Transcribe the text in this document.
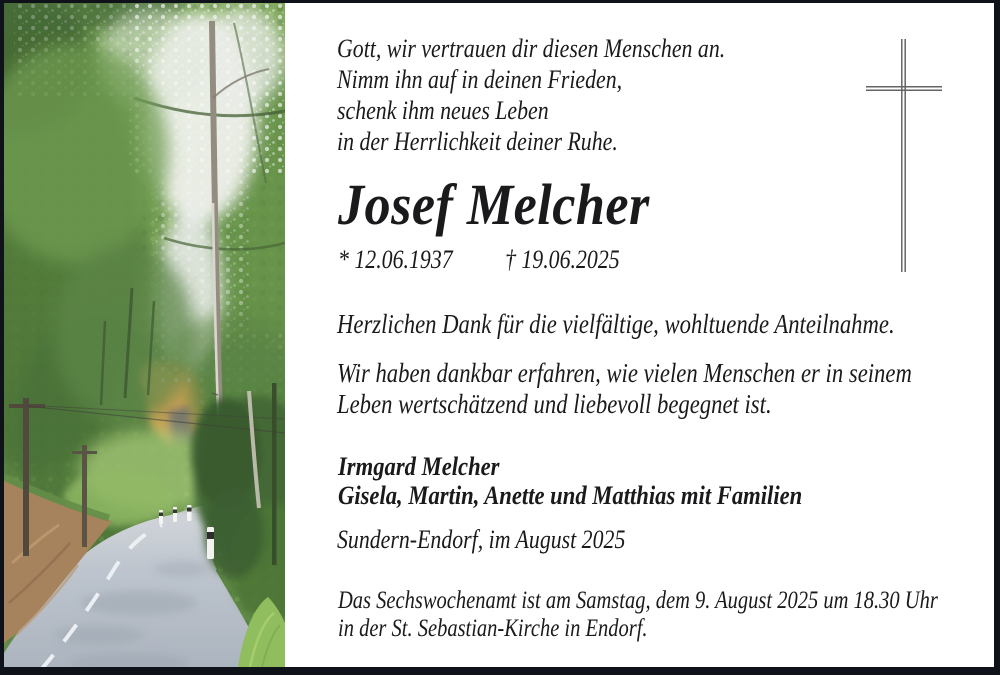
Gott, wir vertrauen dir diesen Menschen an.
Nimm ihn auf in deinen Frieden,
schenk ihm neues Leben
in der Herrlichkeit deiner Ruhe.
Josef Melcher
* 12.06.1937 † 19.06.2025
Herzlichen Dank für die vielfältige, wohltuende Anteilnahme.
Wir haben dankbar erfahren, wie vielen Menschen er in seinem
Leben wertschätzend und liebevoll begegnet ist.
Irmgard Melcher
Gisela, Martin, Anette und Matthias mit Familien
Sundern-Endorf, im August 2025
Das Sechswochenamt ist am Samstag, dem 9. August 2025 um 18.30 Uhr
in der St. Sebastian-Kirche in Endorf.
